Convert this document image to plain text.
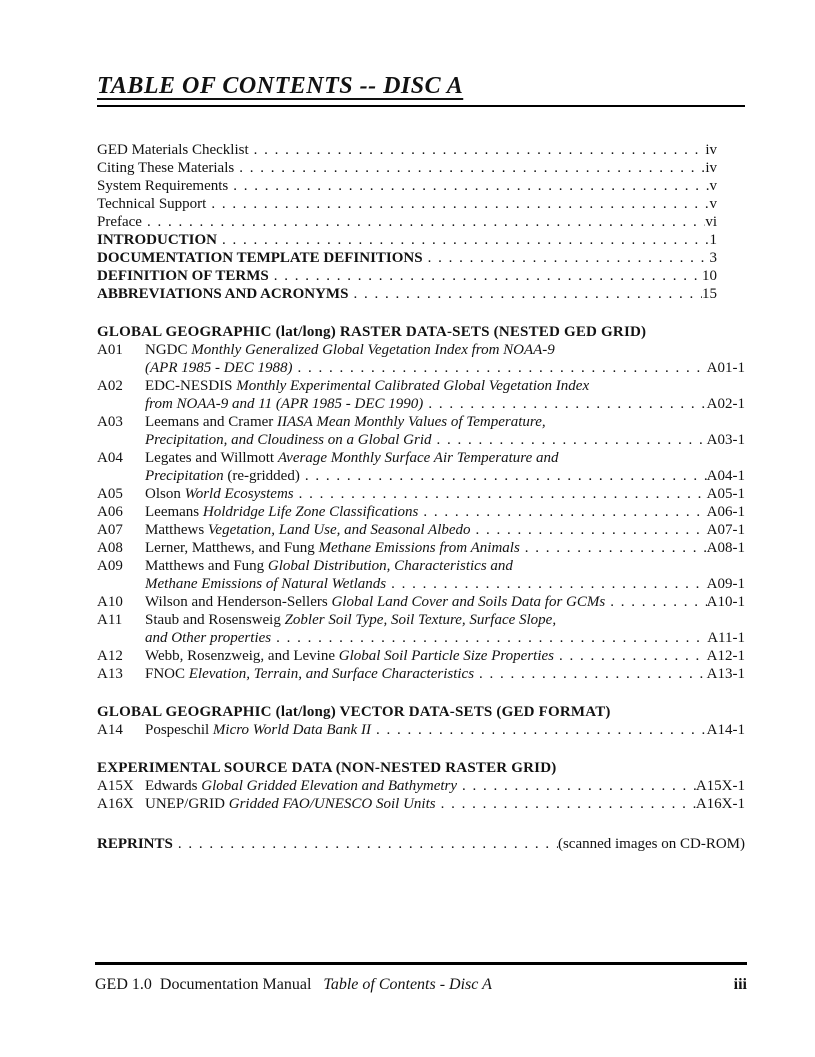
TABLE OF CONTENTS -- DISC A
GED Materials Checklist . . .	iv
Citing These Materials . . .	iv
System Requirements . . .	v
Technical Support . . .	v
Preface . . .	vi
INTRODUCTION . . .	1
DOCUMENTATION TEMPLATE DEFINITIONS . . .	3
DEFINITION OF TERMS . . .	10
ABBREVIATIONS AND ACRONYMS . . .	15
GLOBAL GEOGRAPHIC (lat/long) RASTER DATA-SETS (NESTED GED GRID)
A01	NGDC Monthly Generalized Global Vegetation Index from NOAA-9
(APR 1985 - DEC 1988) . . .	A01-1
A02	EDC-NESDIS Monthly Experimental Calibrated Global Vegetation Index
from NOAA-9 and 11 (APR 1985 - DEC 1990) . . .	A02-1
A03	Leemans and Cramer IIASA Mean Monthly Values of Temperature,
Precipitation, and Cloudiness on a Global Grid . . .	A03-1
A04	Legates and Willmott Average Monthly Surface Air Temperature and
Precipitation (re-gridded) . . .	A04-1
A05	Olson World Ecosystems . . .	A05-1
A06	Leemans Holdridge Life Zone Classifications . . .	A06-1
A07	Matthews Vegetation, Land Use, and Seasonal Albedo . . .	A07-1
A08	Lerner, Matthews, and Fung Methane Emissions from Animals . . .	A08-1
A09	Matthews and Fung Global Distribution, Characteristics and
Methane Emissions of Natural Wetlands . . .	A09-1
A10	Wilson and Henderson-Sellers Global Land Cover and Soils Data for GCMs . . .	A10-1
A11	Staub and Rosensweig Zobler Soil Type, Soil Texture, Surface Slope,
and Other properties . . .	A11-1
A12	Webb, Rosenzweig, and Levine Global Soil Particle Size Properties . . .	A12-1
A13	FNOC Elevation, Terrain, and Surface Characteristics . . .	A13-1
GLOBAL GEOGRAPHIC (lat/long) VECTOR DATA-SETS (GED FORMAT)
A14	Pospeschil Micro World Data Bank II . . .	A14-1
EXPERIMENTAL SOURCE DATA (NON-NESTED RASTER GRID)
A15X Edwards Global Gridded Elevation and Bathymetry . . .	A15X-1
A16X UNEP/GRID Gridded FAO/UNESCO Soil Units . . .	A16X-1
REPRINTS . . .	(scanned images on CD-ROM)
GED 1.0  Documentation Manual Table of Contents - Disc A	iii
